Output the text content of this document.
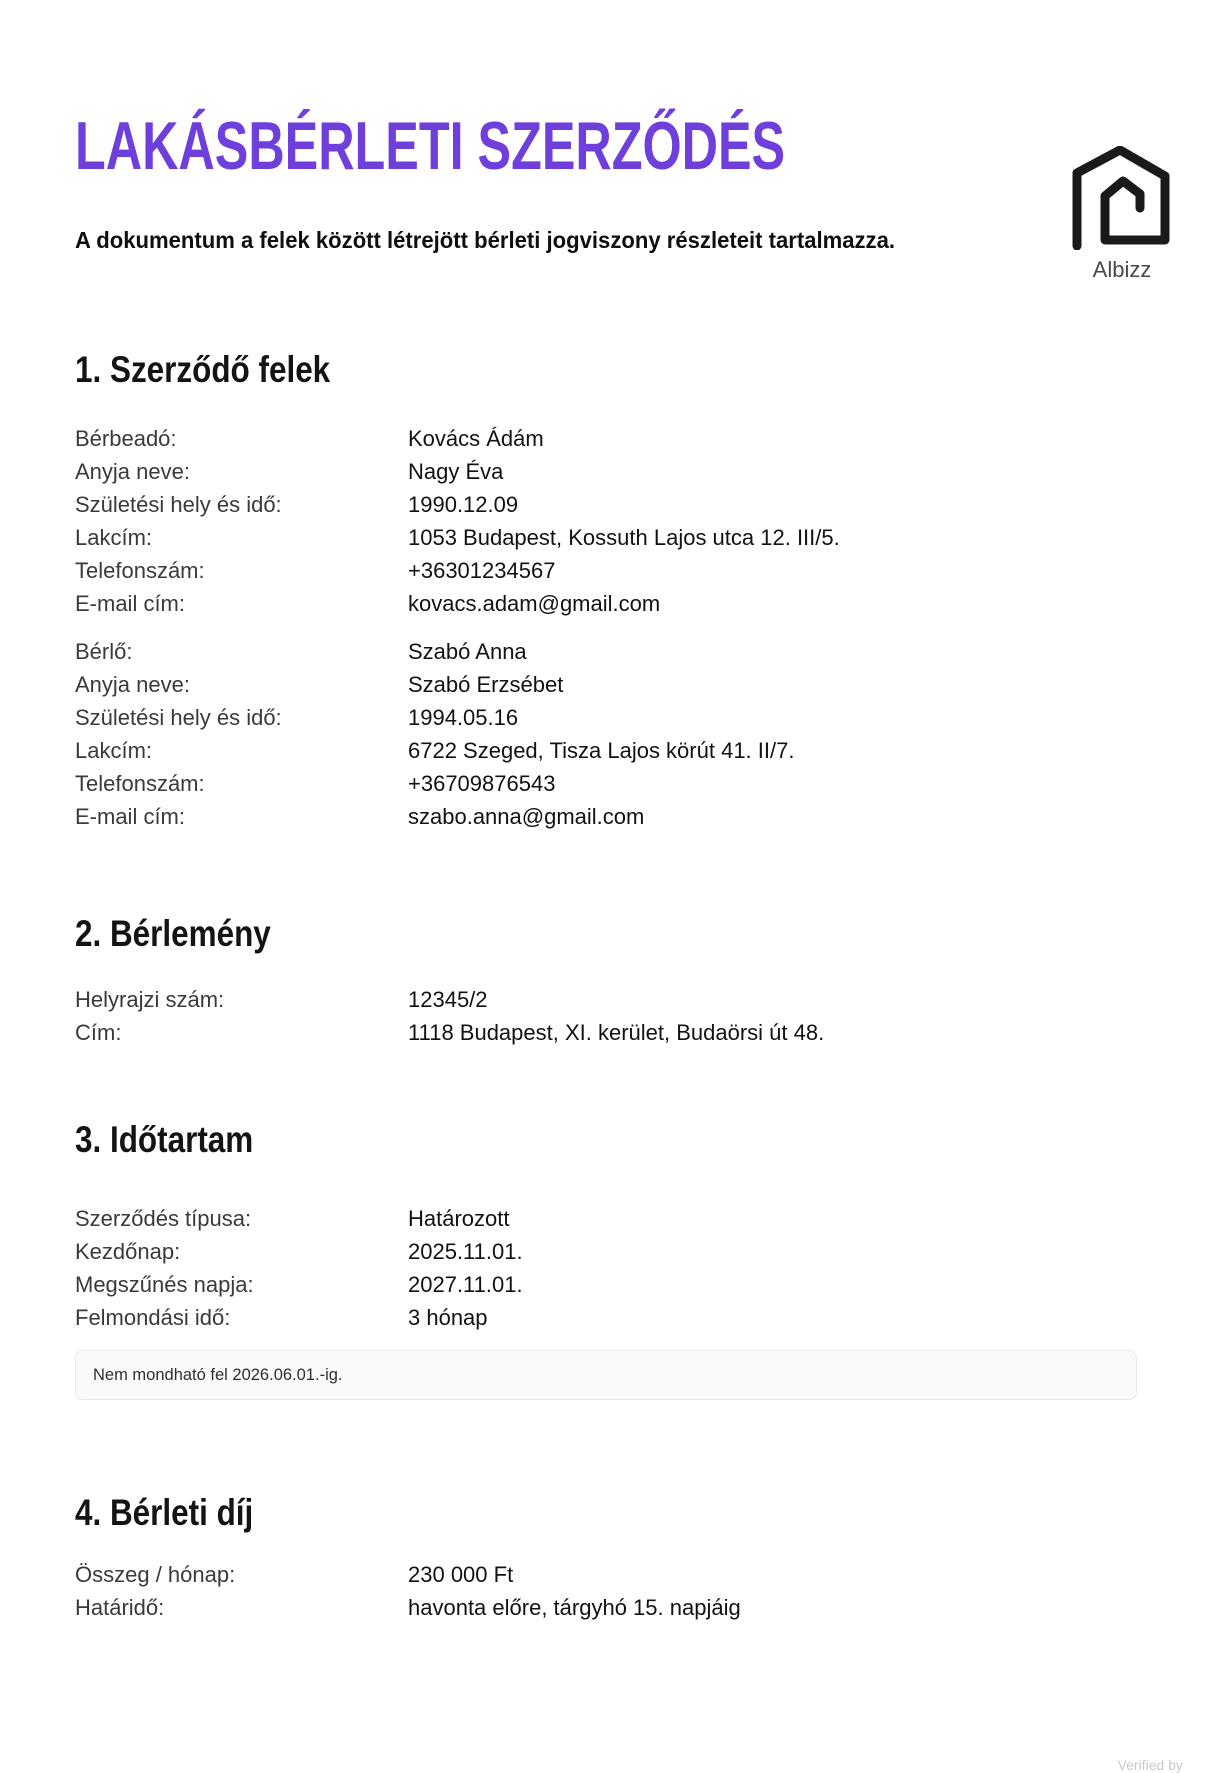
Albizz
LAKÁSBÉRLETI SZERZŐDÉS

A dokumentum a felek között létrejött bérleti jogviszony részleteit tartalmazza.

1. Szerződő felek
Bérbeadó:	Kovács Ádám
Anyja neve:	Nagy Éva
Születési hely és idő:	1990.12.09
Lakcím:	1053 Budapest, Kossuth Lajos utca 12. III/5.
Telefonszám:	+36301234567
E-mail cím:	kovacs.adam@gmail.com
Bérlő:	Szabó Anna
Anyja neve:	Szabó Erzsébet
Születési hely és idő:	1994.05.16
Lakcím:	6722 Szeged, Tisza Lajos körút 41. II/7.
Telefonszám:	+36709876543
E-mail cím:	szabo.anna@gmail.com
2. Bérlemény
Helyrajzi szám:	12345/2
Cím:	1118 Budapest, XI. kerület, Budaörsi út 48.
3. Időtartam
Szerződés típusa:	Határozott
Kezdőnap:	2025.11.01.
Megszűnés napja:	2027.11.01.
Felmondási idő:	3 hónap
Nem mondható fel 2026.06.01.-ig.
4. Bérleti díj
Összeg / hónap:	230 000 Ft
Határidő:	havonta előre, tárgyhó 15. napjáig
Verified by
